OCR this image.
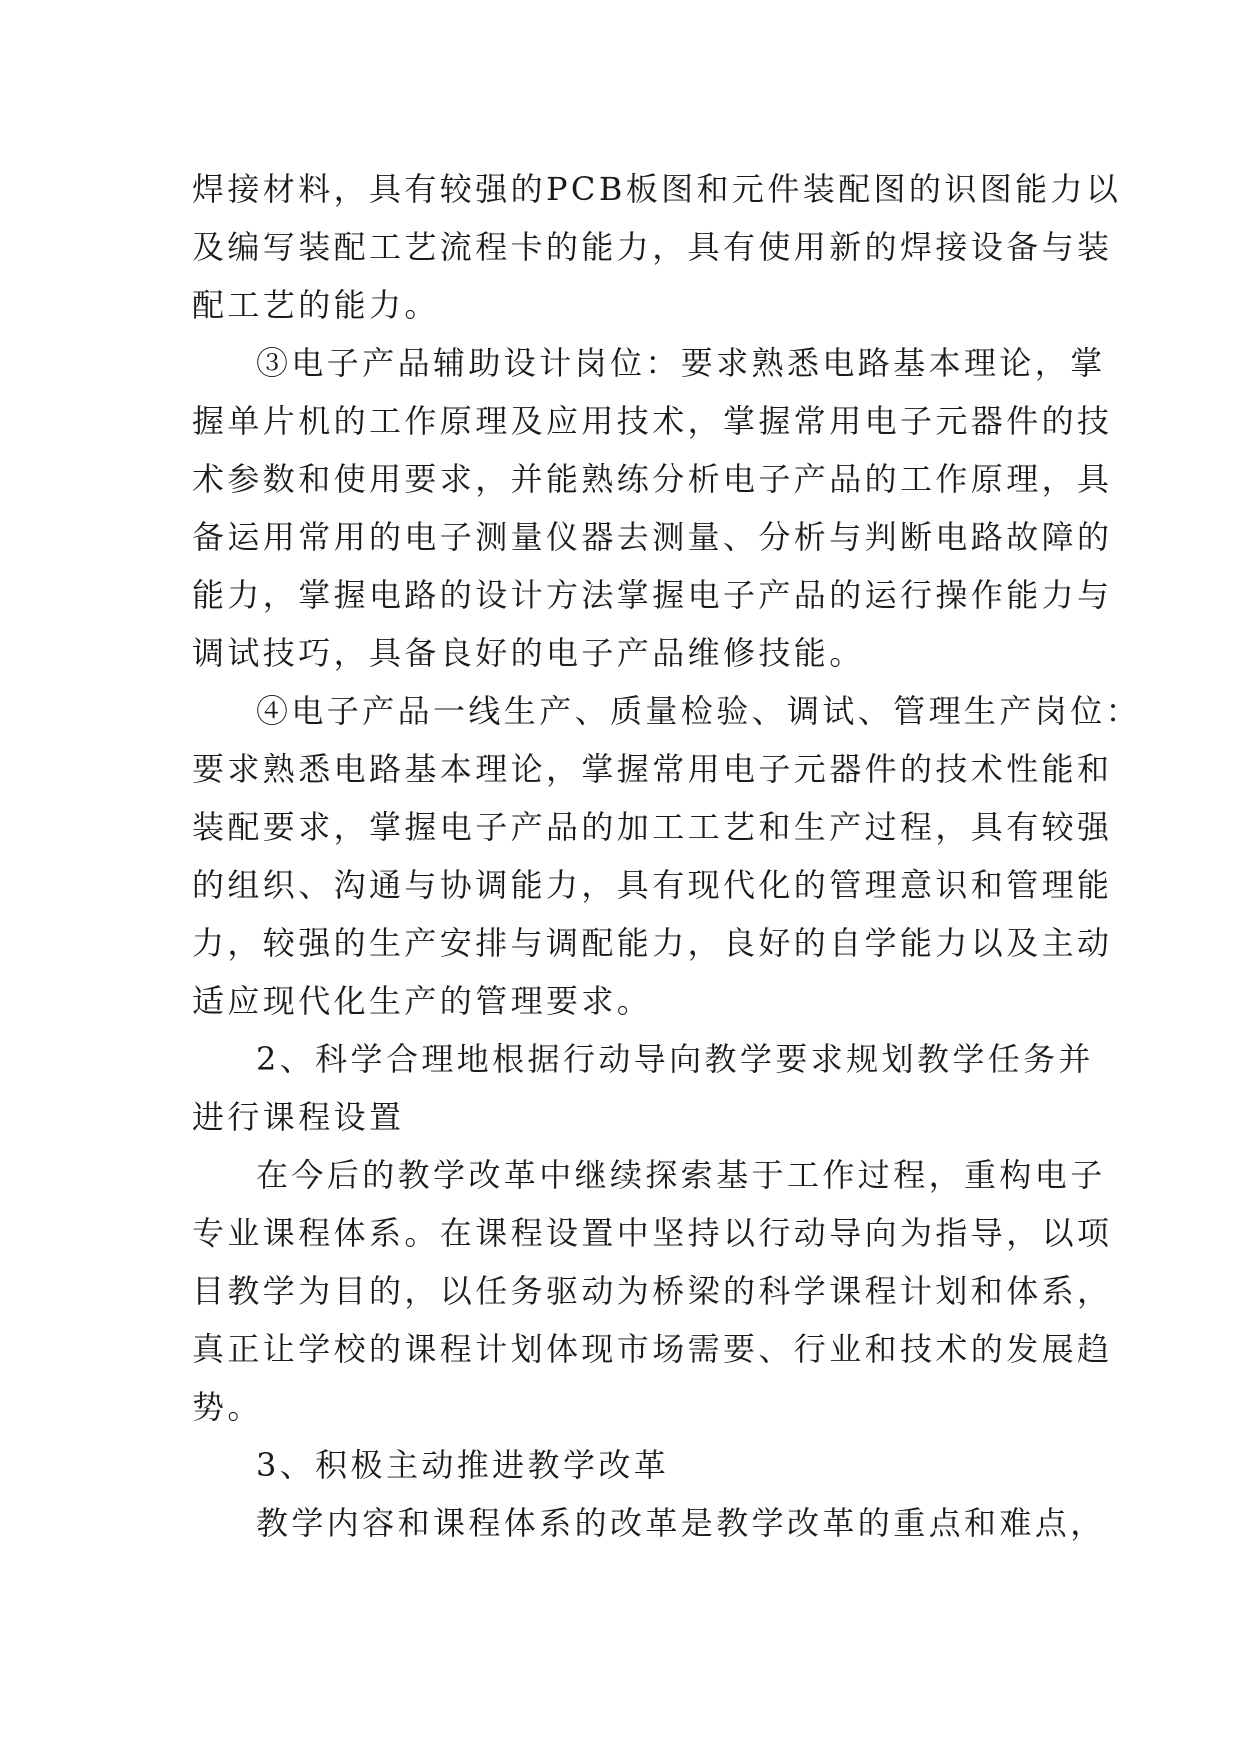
焊接材料，具有较强的PCB板图和元件装配图的识图能力以
及编写装配工艺流程卡的能力，具有使用新的焊接设备与装
配工艺的能力。
③电子产品辅助设计岗位：要求熟悉电路基本理论，掌
握单片机的工作原理及应用技术，掌握常用电子元器件的技
术参数和使用要求，并能熟练分析电子产品的工作原理，具
备运用常用的电子测量仪器去测量、分析与判断电路故障的
能力，掌握电路的设计方法掌握电子产品的运行操作能力与
调试技巧，具备良好的电子产品维修技能。
④电子产品一线生产、质量检验、调试、管理生产岗位：
要求熟悉电路基本理论，掌握常用电子元器件的技术性能和
装配要求，掌握电子产品的加工工艺和生产过程，具有较强
的组织、沟通与协调能力，具有现代化的管理意识和管理能
力，较强的生产安排与调配能力，良好的自学能力以及主动
适应现代化生产的管理要求。
2、科学合理地根据行动导向教学要求规划教学任务并
进行课程设置
在今后的教学改革中继续探索基于工作过程，重构电子
专业课程体系。在课程设置中坚持以行动导向为指导，以项
目教学为目的，以任务驱动为桥梁的科学课程计划和体系，
真正让学校的课程计划体现市场需要、行业和技术的发展趋
势。
3、积极主动推进教学改革
教学内容和课程体系的改革是教学改革的重点和难点，
